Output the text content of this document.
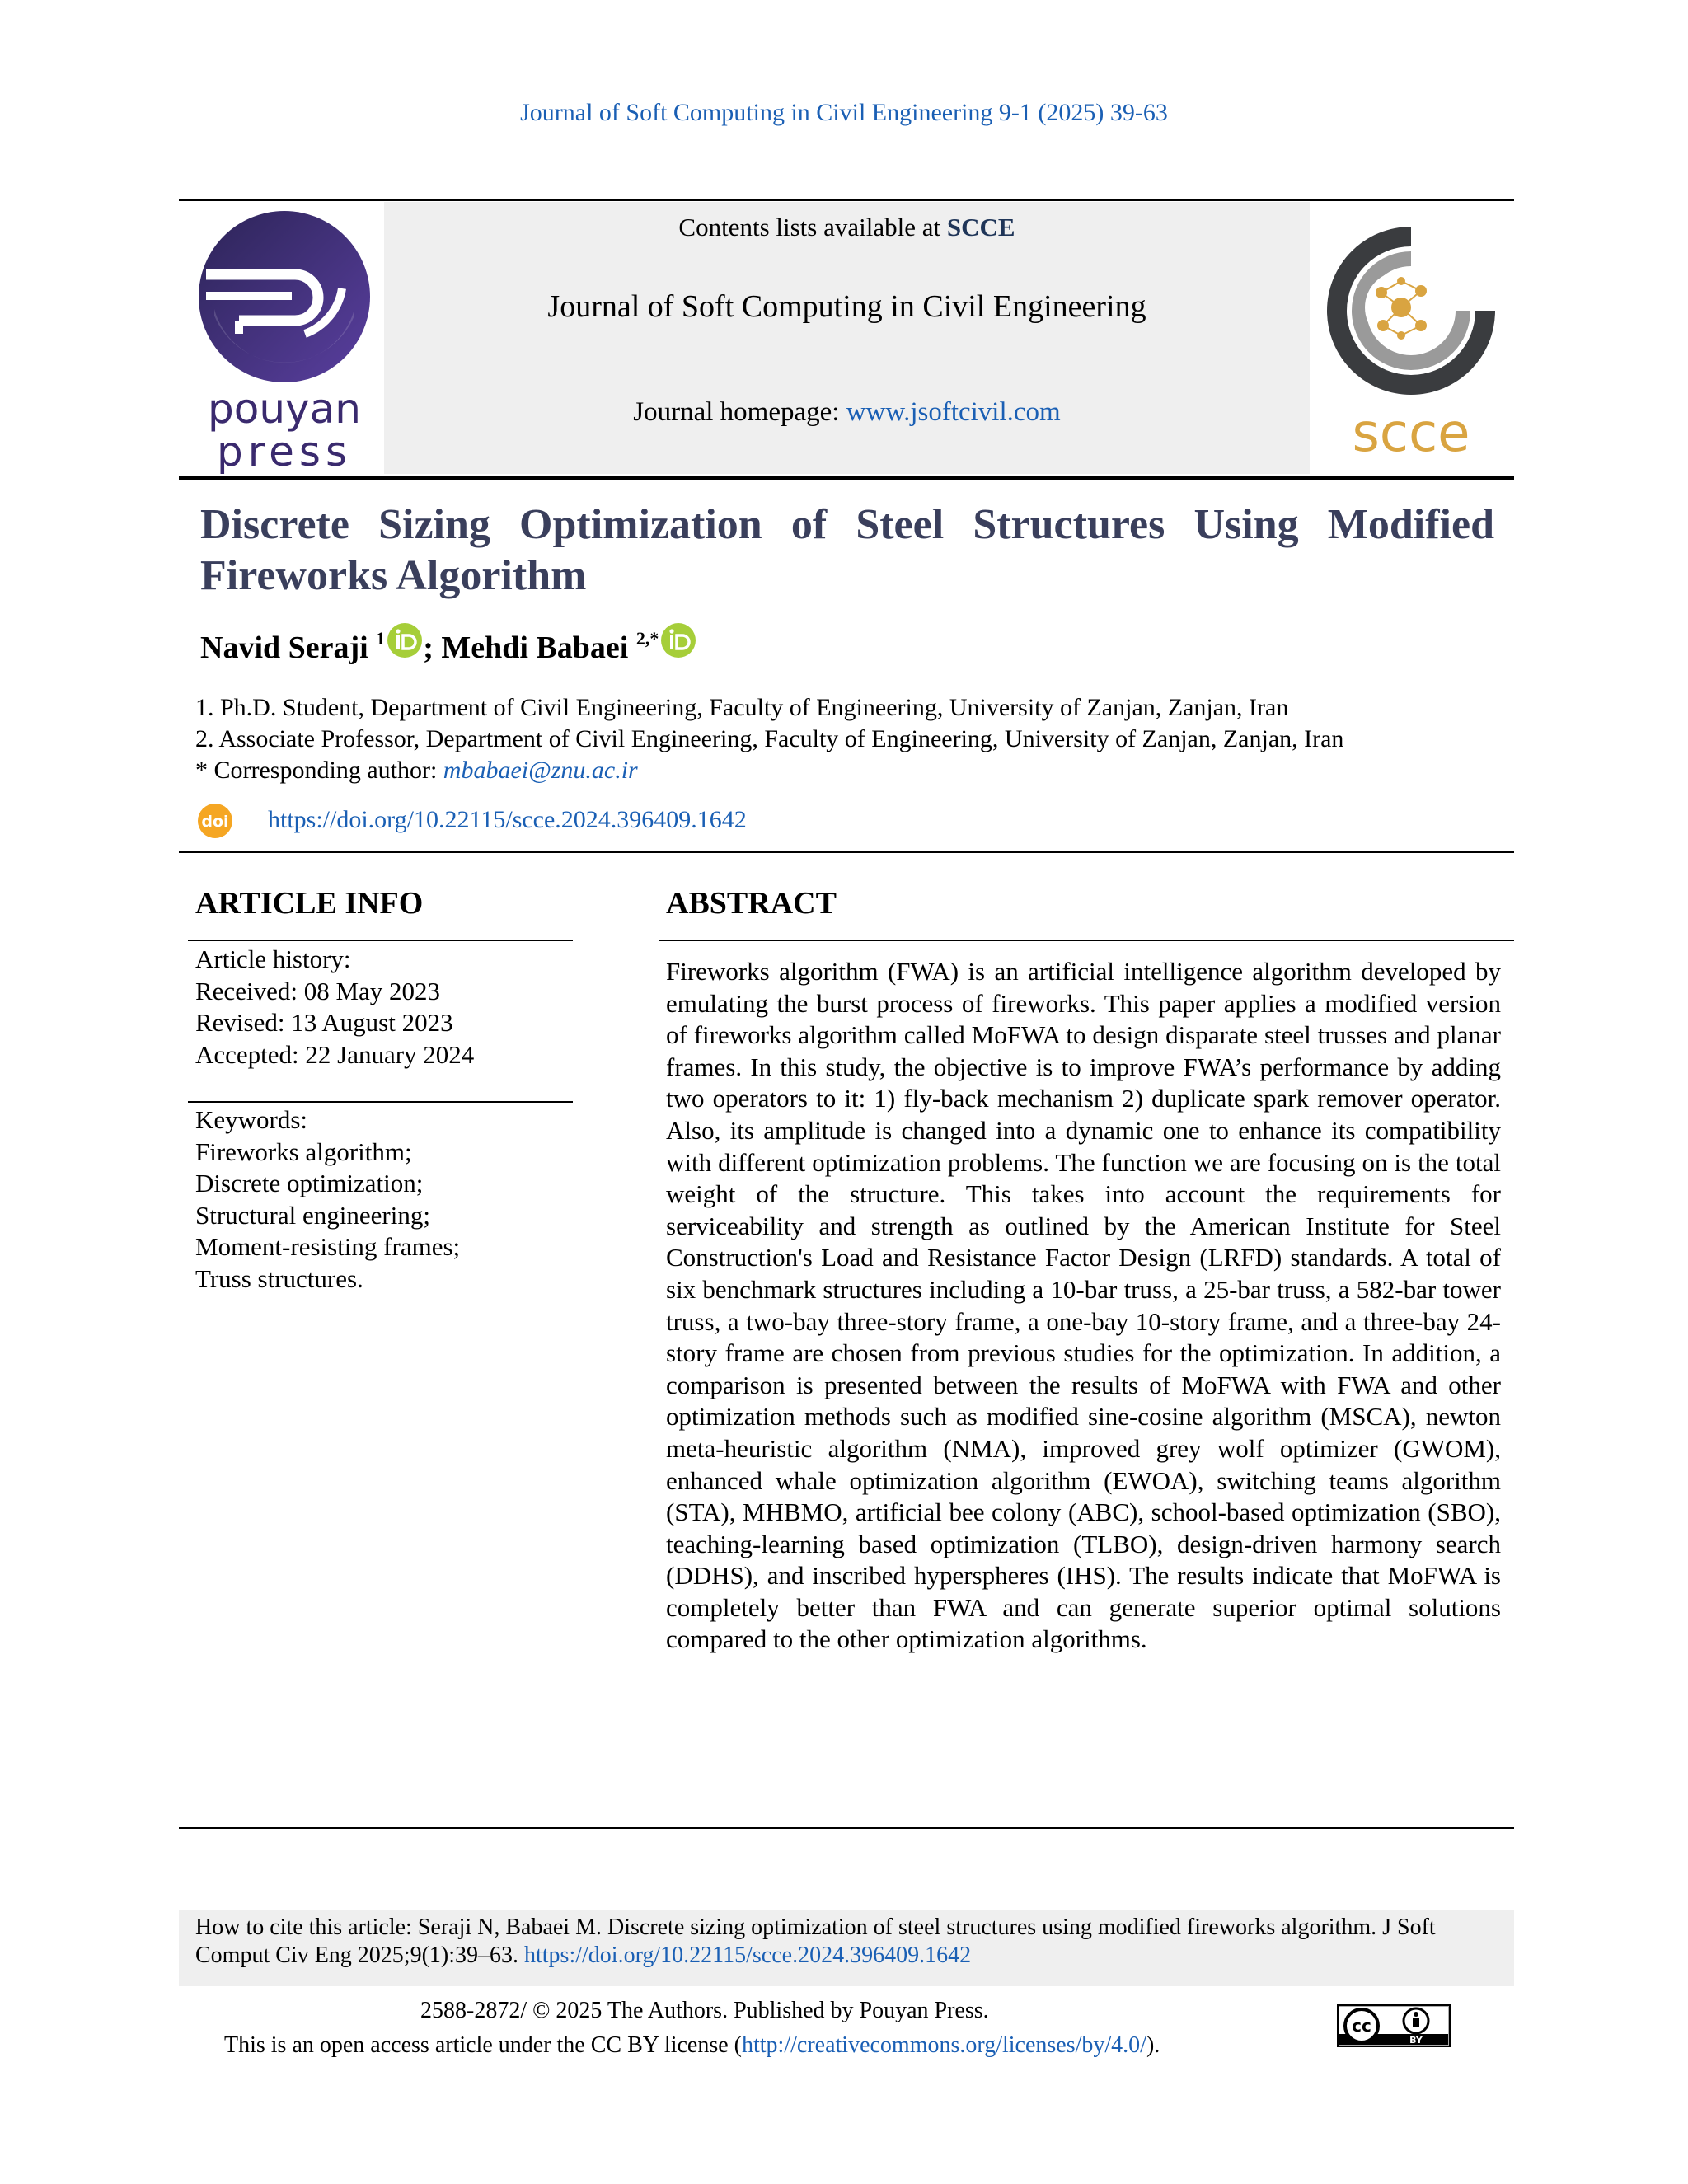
Journal of Soft Computing in Civil Engineering 9-1 (2025) 39-63
pouyan
press
Contents lists available at SCCE
Journal of Soft Computing in Civil Engineering
Journal homepage: www.jsoftcivil.com	scce
Discrete Sizing Optimization of Steel Structures Using Modified Fireworks Algorithm
Navid Seraji $^1$ ; Mehdi Babaei $^{2,*}$
1. Ph.D. Student, Department of Civil Engineering, Faculty of Engineering, University of Zanjan, Zanjan, Iran
2. Associate Professor, Department of Civil Engineering, Faculty of Engineering, University of Zanjan, Zanjan, Iran
* Corresponding author: mbabaei@znu.ac.ir
doi https://doi.org/10.22115/scce.2024.396409.1642
ARTICLE INFO
Article history:
Received: 08 May 2023
Revised: 13 August 2023
Accepted: 22 January 2024
Keywords:
Fireworks algorithm;
Discrete optimization;
Structural engineering;
Moment-resisting frames;
Truss structures.
ABSTRACT
Fireworks algorithm (FWA) is an artificial intelligence algorithm developed by emulating the burst process of fireworks. This paper applies a modified version of fireworks algorithm called MoFWA to design disparate steel trusses and planar frames. In this study, the objective is to improve FWA’s performance by adding two operators to it: 1) fly-back mechanism 2) duplicate spark remover operator. Also, its amplitude is changed into a dynamic one to enhance its compatibility with different optimization problems. The function we are focusing on is the total weight of the structure. This takes into account the requirements for serviceability and strength as outlined by the American Institute for Steel Construction's Load and Resistance Factor Design (LRFD) standards. A total of six benchmark structures including a 10-bar truss, a 25-bar truss, a 582-bar tower truss, a two-bay three-story frame, a one-bay 10-story frame, and a three-bay 24-story frame are chosen from previous studies for the optimization. In addition, a comparison is presented between the results of MoFWA with FWA and other optimization methods such as modified sine-cosine algorithm (MSCA), newton meta-heuristic algorithm (NMA), improved grey wolf optimizer (GWOM), enhanced whale optimization algorithm (EWOA), switching teams algorithm (STA), MHBMO, artificial bee colony (ABC), school-based optimization (SBO), teaching-learning based optimization (TLBO), design-driven harmony search (DDHS), and inscribed hyperspheres (IHS). The results indicate that MoFWA is completely better than FWA and can generate superior optimal solutions compared to the other optimization algorithms.
How to cite this article: Seraji N, Babaei M. Discrete sizing optimization of steel structures using modified fireworks algorithm. J Soft Comput Civ Eng 2025;9(1):39–63. https://doi.org/10.22115/scce.2024.396409.1642
2588-2872/ © 2025 The Authors. Published by Pouyan Press.
This is an open access article under the CC BY license (http://creativecommons.org/licenses/by/4.0/).
cc
BY
